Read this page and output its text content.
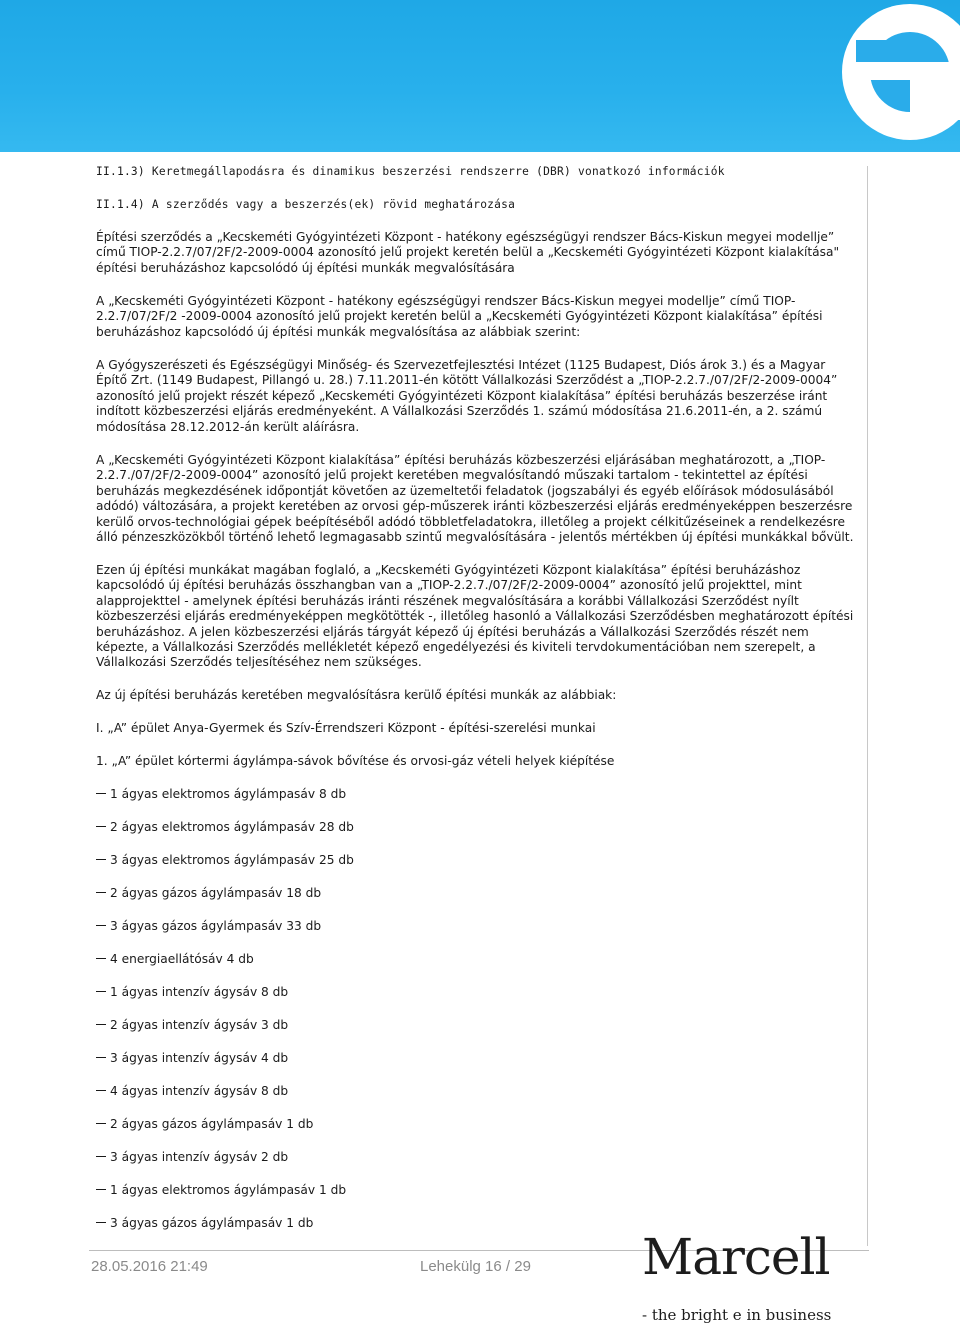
II.1.3) Keretmegállapodásra és dinamikus beszerzési rendszerre (DBR) vonatkozó információk

II.1.4) A szerződés vagy a beszerzés(ek) rövid meghatározása

Építési szerződés a „Kecskeméti Gyógyintézeti Központ - hatékony egészségügyi rendszer Bács-Kiskun megyei modellje” című TIOP-2.2.7/07/2F/2-2009-0004 azonosító jelű projekt keretén belül a „Kecskeméti Gyógyintézeti Központ kialakítása" építési beruházáshoz kapcsolódó új építési munkák megvalósítására

A „Kecskeméti Gyógyintézeti Központ - hatékony egészségügyi rendszer Bács-Kiskun megyei modellje” című TIOP-2.2.7/07/2F/2 -2009-0004 azonosító jelű projekt keretén belül a „Kecskeméti Gyógyintézeti Központ kialakítása” építési beruházáshoz kapcsolódó új építési munkák megvalósítása az alábbiak szerint:

A Gyógyszerészeti és Egészségügyi Minőség- és Szervezetfejlesztési Intézet (1125 Budapest, Diós árok 3.) és a Magyar Építő Zrt. (1149 Budapest, Pillangó u. 28.) 7.11.2011-én kötött Vállalkozási Szerződést a „TIOP-2.2.7./07/2F/2-2009-0004” azonosító jelű projekt részét képező „Kecskeméti Gyógyintézeti Központ kialakítása” építési beruházás beszerzése iránt indított közbeszerzési eljárás eredményeként. A Vállalkozási Szerződés 1. számú módosítása 21.6.2011-én, a 2. számú módosítása 28.12.2012-án került aláírásra.

A „Kecskeméti Gyógyintézeti Központ kialakítása” építési beruházás közbeszerzési eljárásában meghatározott, a „TIOP-2.2.7./07/2F/2-2009-0004” azonosító jelű projekt keretében megvalósítandó műszaki tartalom - tekintettel az építési beruházás megkezdésének időpontját követően az üzemeltetői feladatok (jogszabályi és egyéb előírások módosulásából adódó) változására, a projekt keretében az orvosi gép-műszerek iránti közbeszerzési eljárás eredményeképpen beszerzésre kerülő orvos-technológiai gépek beépítéséből adódó többletfeladatokra, illetőleg a projekt célkitűzéseinek a rendelkezésre álló pénzeszközökből történő lehető legmagasabb szintű megvalósítására - jelentős mértékben új építési munkákkal bővült.

Ezen új építési munkákat magában foglaló, a „Kecskeméti Gyógyintézeti Központ kialakítása” építési beruházáshoz kapcsolódó új építési beruházás összhangban van a „TIOP-2.2.7./07/2F/2-2009-0004” azonosító jelű projekttel, mint alapprojekttel - amelynek építési beruházás iránti részének megvalósítására a korábbi Vállalkozási Szerződést nyílt közbeszerzési eljárás eredményeképpen megkötötték -, illetőleg hasonló a Vállalkozási Szerződésben meghatározott építési beruházáshoz. A jelen közbeszerzési eljárás tárgyát képező új építési beruházás a Vállalkozási Szerződés részét nem képezte, a Vállalkozási Szerződés mellékletét képező engedélyezési és kiviteli tervdokumentációban nem szerepelt, a Vállalkozási Szerződés teljesítéséhez nem szükséges.

Az új építési beruházás keretében megvalósításra kerülő építési munkák az alábbiak:

I. „A” épület Anya-Gyermek és Szív-Érrendszeri Központ - építési-szerelési munkai

1. „A” épület kórtermi ágylámpa-sávok bővítése és orvosi-gáz vételi helyek kiépítése

1 ágyas elektromos ágylámpasáv 8 db
2 ágyas elektromos ágylámpasáv 28 db
3 ágyas elektromos ágylámpasáv 25 db
2 ágyas gázos ágylámpasáv 18 db
3 ágyas gázos ágylámpasáv 33 db
4 energiaellátósáv 4 db
1 ágyas intenzív ágysáv 8 db
2 ágyas intenzív ágysáv 3 db
3 ágyas intenzív ágysáv 4 db
4 ágyas intenzív ágysáv 8 db
2 ágyas gázos ágylámpasáv 1 db
3 ágyas intenzív ágysáv 2 db
1 ágyas elektromos ágylámpasáv 1 db
3 ágyas gázos ágylámpasáv 1 db
28.05.2016 21:49	Lehekülg 16 / 29 Marcell
- the bright e in business
